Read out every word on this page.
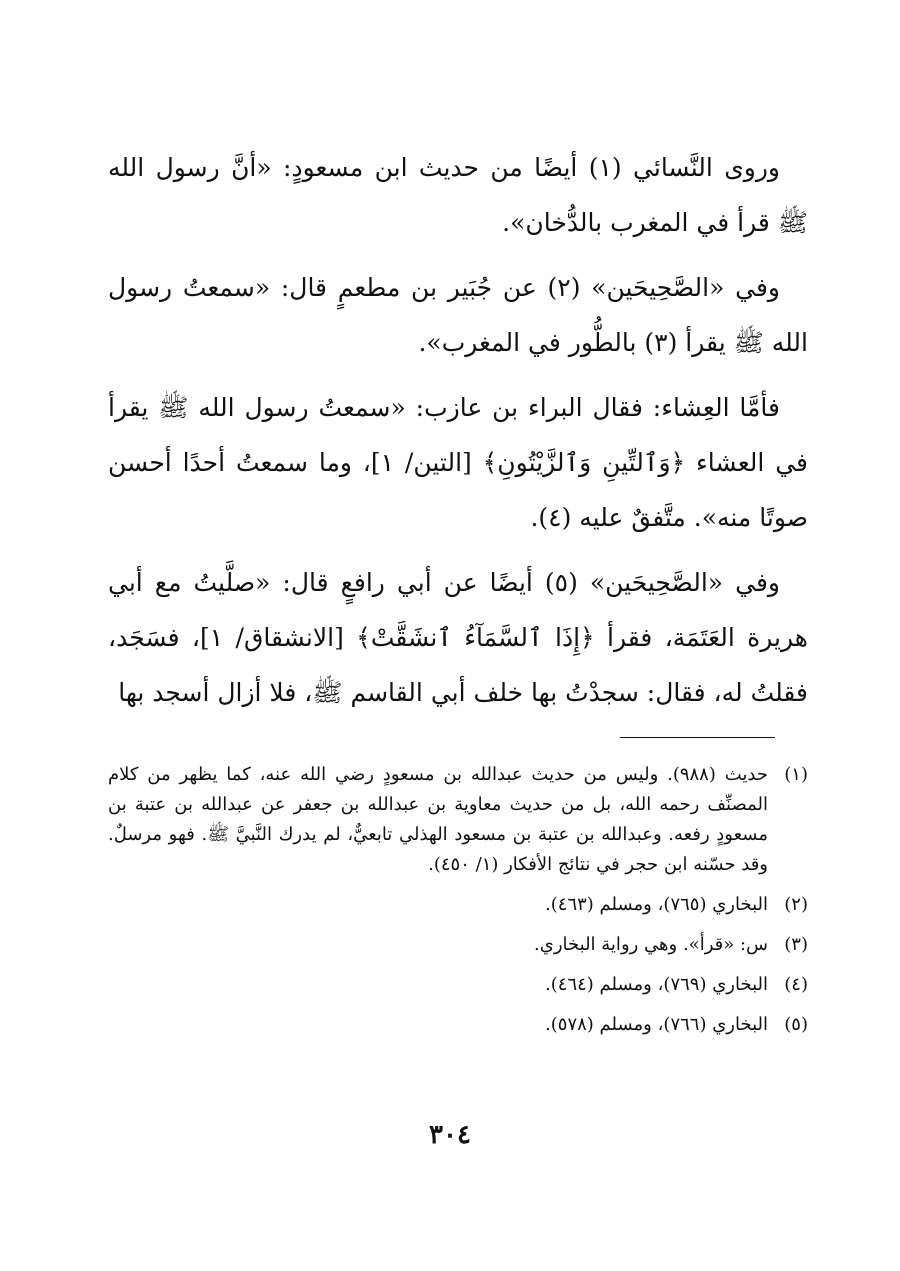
وروى النَّسائي (١) أيضًا من حديث ابن مسعودٍ: «أنَّ رسول الله ﷺ قرأ في المغرب بالدُّخان».

وفي «الصَّحِيحَين» (٢) عن جُبَير بن مطعمٍ قال: «سمعتُ رسول الله ﷺ يقرأ (٣) بالطُّور في المغرب».

فأمَّا العِشاء: فقال البراء بن عازب: «سمعتُ رسول الله ﷺ يقرأ في العشاء ﴿وَٱلتِّينِ وَٱلزَّيْتُونِ﴾ [التين/ ١]، وما سمعتُ أحدًا أحسن صوتًا منه». متَّفقٌ عليه (٤).

وفي «الصَّحِيحَين» (٥) أيضًا عن أبي رافعٍ قال: «صلَّيتُ مع أبي هريرة العَتَمَة، فقرأ ﴿إِذَا ٱلسَّمَآءُ ٱنشَقَّتْ﴾ [الانشقاق/ ١]، فسَجَد، فقلتُ له، فقال: سجدْتُ بها خلف أبي القاسم ﷺ، فلا أزال أسجد بها

(١)
حديث (٩٨٨). وليس من حديث عبدالله بن مسعودٍ رضي الله عنه، كما يظهر من كلام المصنِّف رحمه الله، بل من حديث معاوية بن عبدالله بن جعفر عن عبدالله بن عتبة بن مسعودٍ رفعه. وعبدالله بن عتبة بن مسعود الهذلي تابعيٌّ، لم يدرك النَّبيَّ ﷺ. فهو مرسلٌ. وقد حسّنه ابن حجر في نتائج الأفكار (١/ ٤٥٠).
(٢)
البخاري (٧٦٥)، ومسلم (٤٦٣).
(٣)
س: «قرأ». وهي رواية البخاري.
(٤)
البخاري (٧٦٩)، ومسلم (٤٦٤).
(٥)
البخاري (٧٦٦)، ومسلم (٥٧٨).
٣٠٤
